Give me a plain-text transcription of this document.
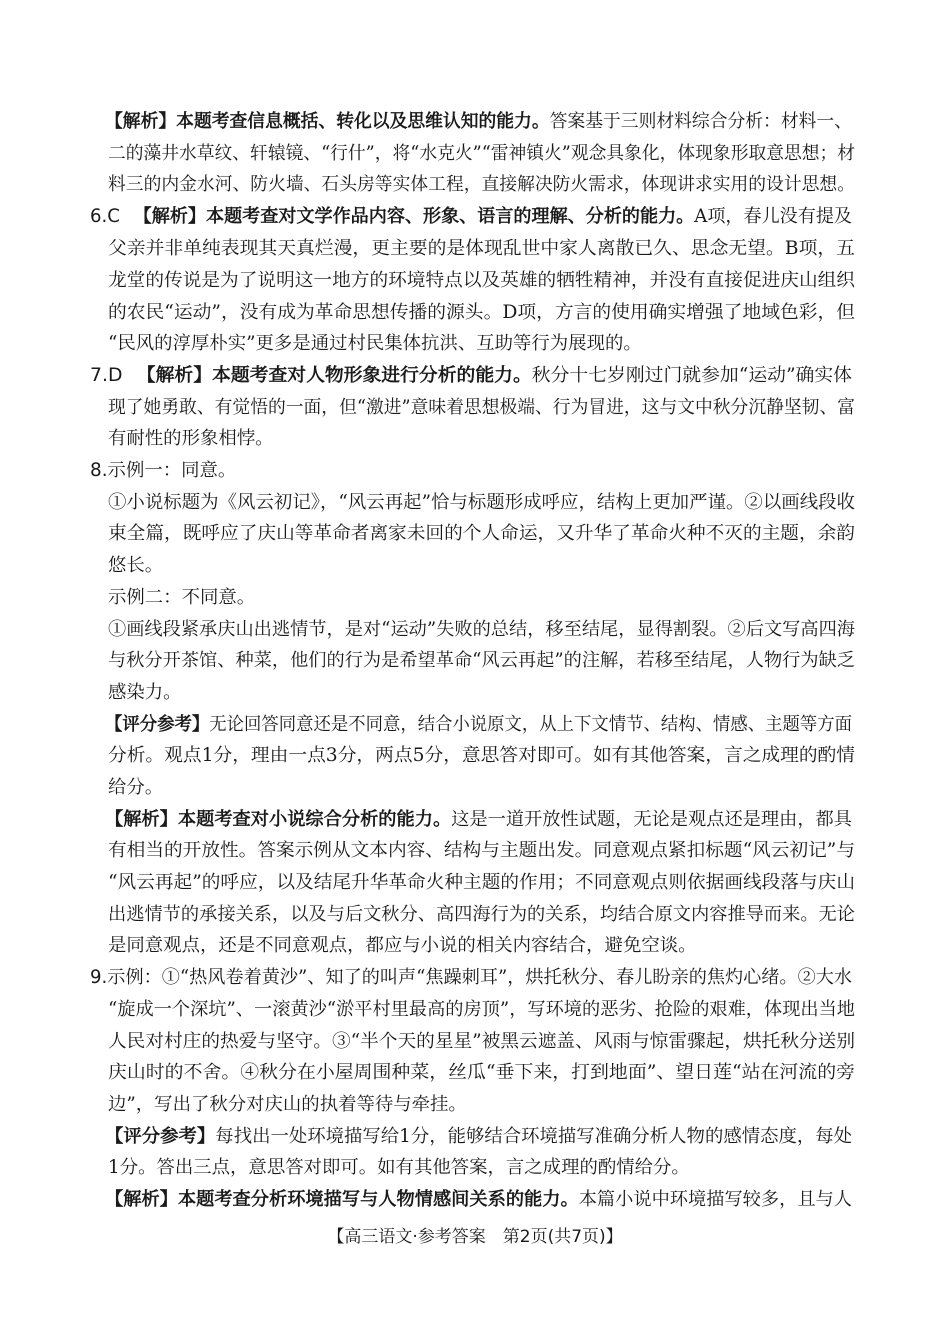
【解析】本题考查信息概括、转化以及思维认知的能力。答案基于三则材料综合分析：材料一、
二的藻井水草纹、轩辕镜、“行什”，将“水克火”“雷神镇火”观念具象化，体现象形取意思想；材
料三的内金水河、防火墙、石头房等实体工程，直接解决防火需求，体现讲求实用的设计思想。
6.C 【解析】本题考查对文学作品内容、形象、语言的理解、分析的能力。A项，春儿没有提及
父亲并非单纯表现其天真烂漫，更主要的是体现乱世中家人离散已久、思念无望。B项，五
龙堂的传说是为了说明这一地方的环境特点以及英雄的牺牲精神，并没有直接促进庆山组织
的农民“运动”，没有成为革命思想传播的源头。D项，方言的使用确实增强了地域色彩，但
“民风的淳厚朴实”更多是通过村民集体抗洪、互助等行为展现的。
7.D 【解析】本题考查对人物形象进行分析的能力。秋分十七岁刚过门就参加“运动”确实体
现了她勇敢、有觉悟的一面，但“激进”意味着思想极端、行为冒进，这与文中秋分沉静坚韧、富
有耐性的形象相悖。
8.示例一：同意。
①小说标题为《风云初记》，“风云再起”恰与标题形成呼应，结构上更加严谨。②以画线段收
束全篇，既呼应了庆山等革命者离家未回的个人命运，又升华了革命火种不灭的主题，余韵
悠长。
示例二：不同意。
①画线段紧承庆山出逃情节，是对“运动”失败的总结，移至结尾，显得割裂。②后文写高四海
与秋分开茶馆、种菜，他们的行为是希望革命“风云再起”的注解，若移至结尾，人物行为缺乏
感染力。
【评分参考】无论回答同意还是不同意，结合小说原文，从上下文情节、结构、情感、主题等方面
分析。观点1分，理由一点3分，两点5分，意思答对即可。如有其他答案，言之成理的酌情
给分。
【解析】本题考查对小说综合分析的能力。这是一道开放性试题，无论是观点还是理由，都具
有相当的开放性。答案示例从文本内容、结构与主题出发。同意观点紧扣标题“风云初记”与
“风云再起”的呼应，以及结尾升华革命火种主题的作用；不同意观点则依据画线段落与庆山
出逃情节的承接关系，以及与后文秋分、高四海行为的关系，均结合原文内容推导而来。无论
是同意观点，还是不同意观点，都应与小说的相关内容结合，避免空谈。
9.示例：①“热风卷着黄沙”、知了的叫声“焦躁刺耳”，烘托秋分、春儿盼亲的焦灼心绪。②大水
“旋成一个深坑”、一滚黄沙“淤平村里最高的房顶”，写环境的恶劣、抢险的艰难，体现出当地
人民对村庄的热爱与坚守。③“半个天的星星”被黑云遮盖、风雨与惊雷骤起，烘托秋分送别
庆山时的不舍。④秋分在小屋周围种菜，丝瓜“垂下来，打到地面”、望日莲“站在河流的旁
边”，写出了秋分对庆山的执着等待与牵挂。
【评分参考】每找出一处环境描写给1分，能够结合环境描写准确分析人物的感情态度，每处
1分。答出三点，意思答对即可。如有其他答案，言之成理的酌情给分。
【解析】本题考查分析环境描写与人物情感间关系的能力。本篇小说中环境描写较多，且与人
【高三语文·参考答案　第2页(共7页)】
